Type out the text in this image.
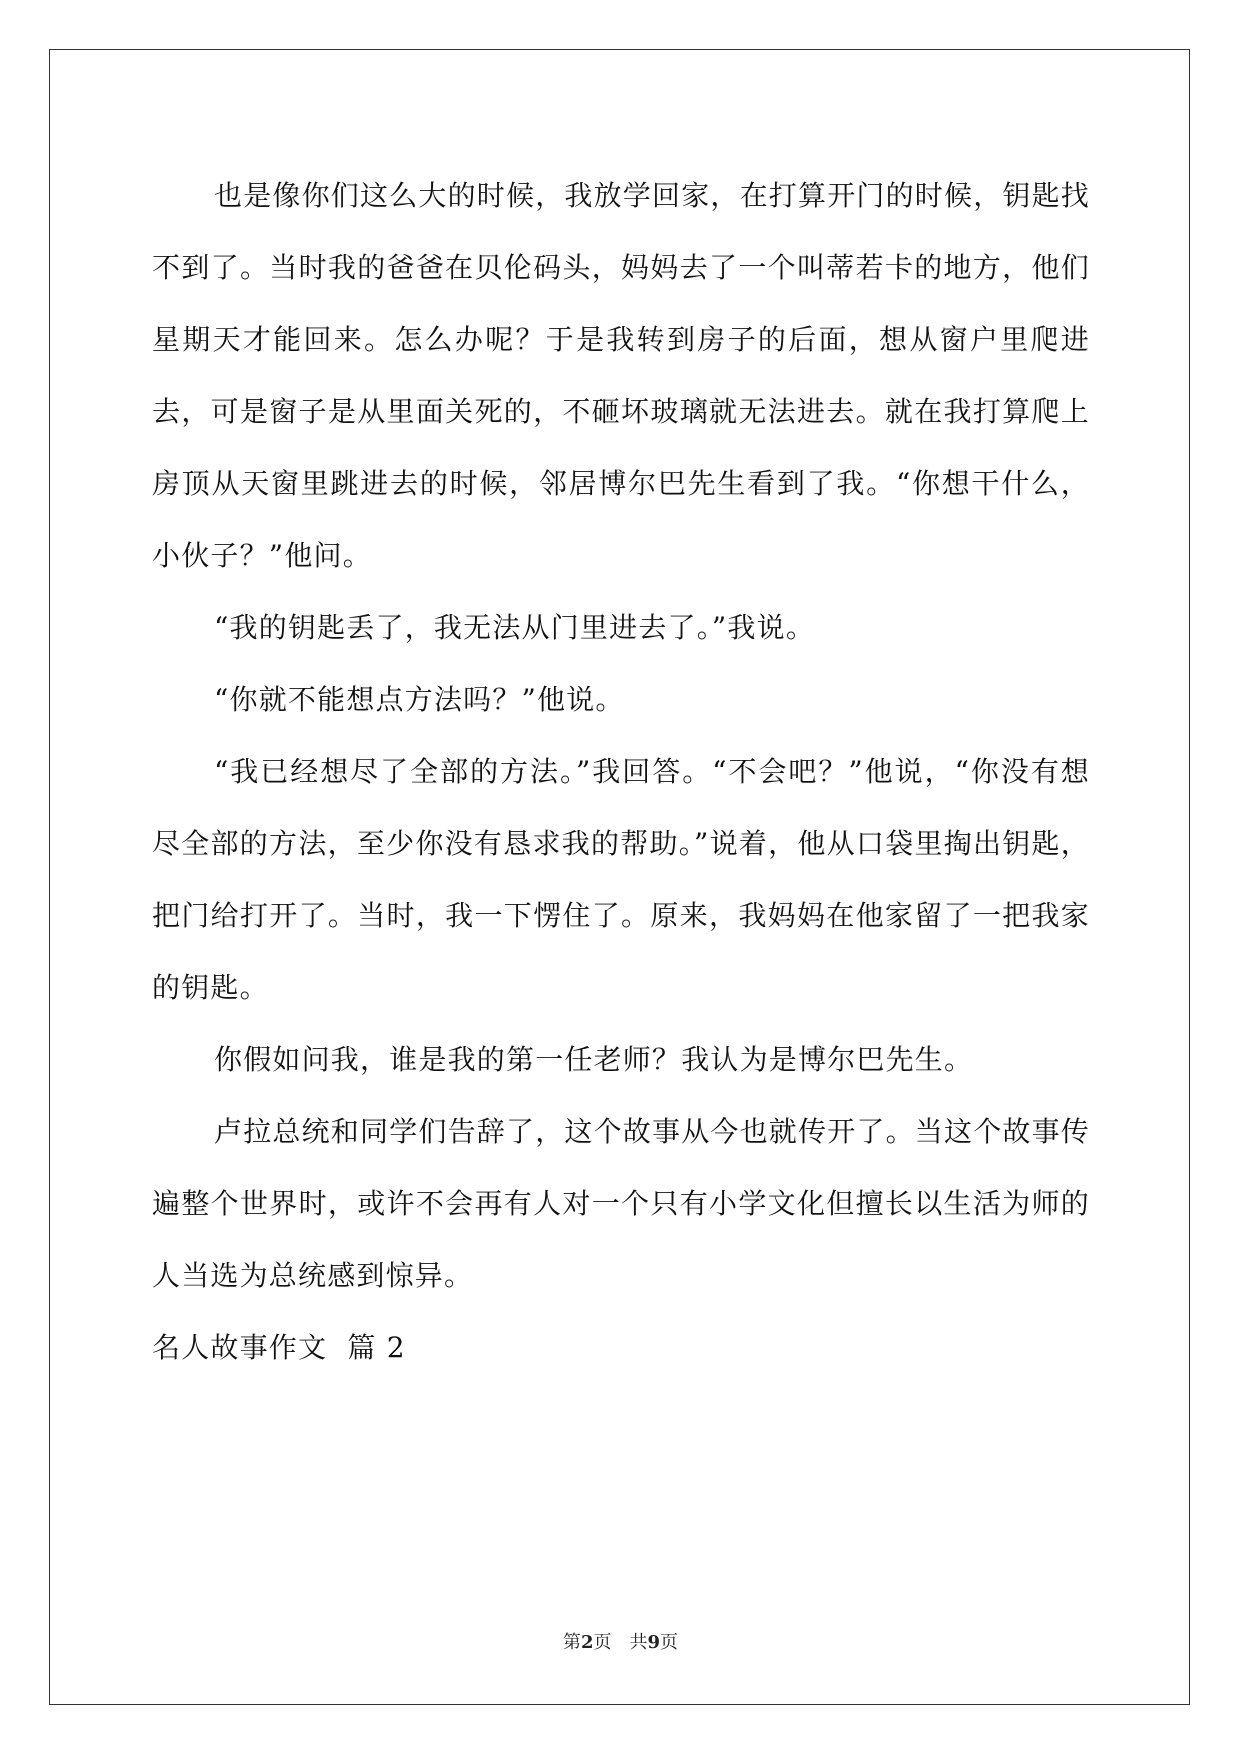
也是像你们这么大的时候，我放学回家，在打算开门的时候，钥匙找不到了。当时我的爸爸在贝伦码头，妈妈去了一个叫蒂若卡的地方，他们星期天才能回来。怎么办呢？于是我转到房子的后面，想从窗户里爬进去，可是窗子是从里面关死的，不砸坏玻璃就无法进去。就在我打算爬上房顶从天窗里跳进去的时候，邻居博尔巴先生看到了我。“你想干什么，小伙子？”他问。

“我的钥匙丢了，我无法从门里进去了。”我说。

“你就不能想点方法吗？”他说。

“我已经想尽了全部的方法。”我回答。“不会吧？”他说，“你没有想尽全部的方法，至少你没有恳求我的帮助。”说着，他从口袋里掏出钥匙，把门给打开了。当时，我一下愣住了。原来，我妈妈在他家留了一把我家的钥匙。

你假如问我，谁是我的第一任老师？我认为是博尔巴先生。

卢拉总统和同学们告辞了，这个故事从今也就传开了。当这个故事传遍整个世界时，或许不会再有人对一个只有小学文化但擅长以生活为师的人当选为总统感到惊异。

名人故事作文  篇 2

第2页 共9页
